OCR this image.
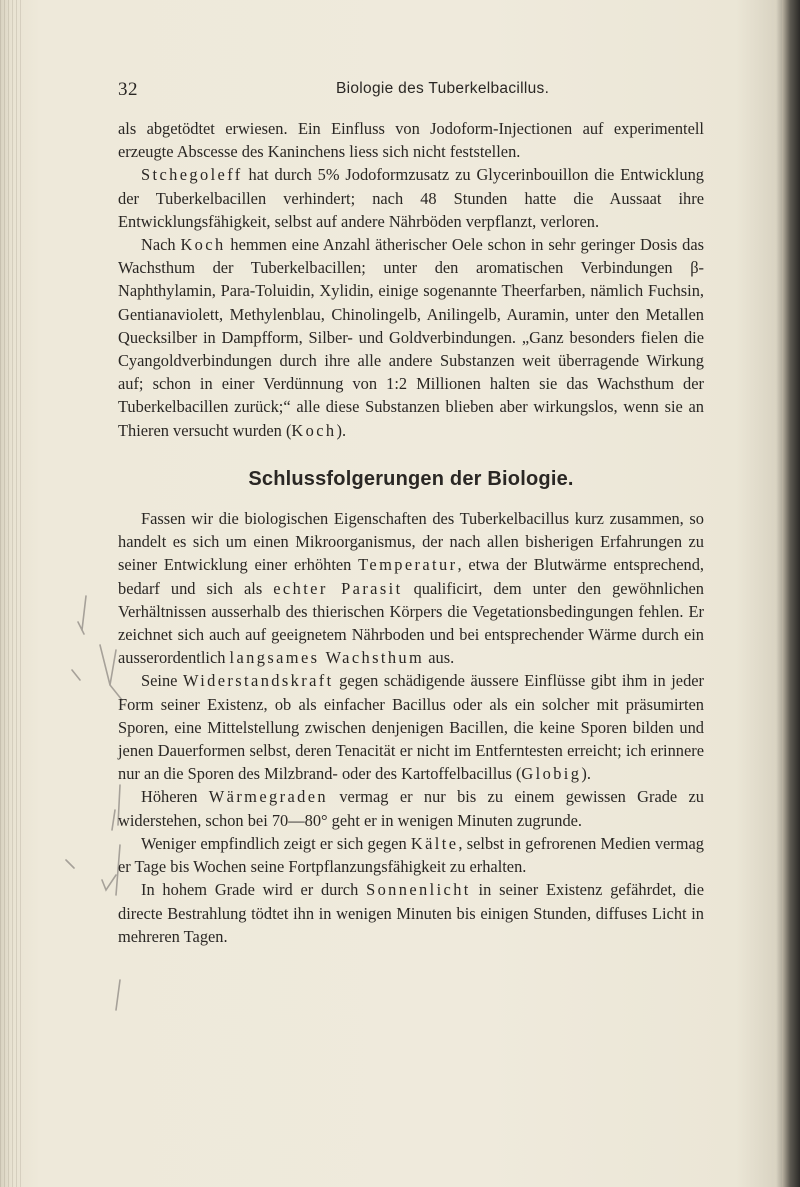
32	Biologie des Tuberkelbacillus.

als abgetödtet erwiesen. Ein Einfluss von Jodoform-Injectionen auf experimentell erzeugte Abscesse des Kaninchens liess sich nicht feststellen.

Stchegoleff hat durch 5% Jodoformzusatz zu Glycerinbouillon die Entwicklung der Tuberkelbacillen verhindert; nach 48 Stunden hatte die Aussaat ihre Entwicklungsfähigkeit, selbst auf andere Nährböden verpflanzt, verloren.

Nach Koch hemmen eine Anzahl ätherischer Oele schon in sehr geringer Dosis das Wachsthum der Tuberkelbacillen; unter den aromatischen Verbindungen β-Naphthylamin, Para-Toluidin, Xylidin, einige sogenannte Theerfarben, nämlich Fuchsin, Gentianaviolett, Methylenblau, Chinolingelb, Anilingelb, Auramin, unter den Metallen Quecksilber in Dampfform, Silber- und Goldverbindungen. „Ganz besonders fielen die Cyangoldverbindungen durch ihre alle andere Substanzen weit überragende Wirkung auf; schon in einer Verdünnung von 1:2 Millionen halten sie das Wachsthum der Tuberkelbacillen zurück;“ alle diese Substanzen blieben aber wirkungslos, wenn sie an Thieren versucht wurden (Koch).

Schlussfolgerungen der Biologie.

Fassen wir die biologischen Eigenschaften des Tuberkelbacillus kurz zusammen, so handelt es sich um einen Mikroorganismus, der nach allen bisherigen Erfahrungen zu seiner Entwicklung einer erhöhten Temperatur, etwa der Blutwärme entsprechend, bedarf und sich als echter Parasit qualificirt, dem unter den gewöhnlichen Verhältnissen ausserhalb des thierischen Körpers die Vegetationsbedingungen fehlen. Er zeichnet sich auch auf geeignetem Nährboden und bei entsprechender Wärme durch ein ausserordentlich langsames Wachsthum aus.

Seine Widerstandskraft gegen schädigende äussere Einflüsse gibt ihm in jeder Form seiner Existenz, ob als einfacher Bacillus oder als ein solcher mit präsumirten Sporen, eine Mittelstellung zwischen denjenigen Bacillen, die keine Sporen bilden und jenen Dauerformen selbst, deren Tenacität er nicht im Entferntesten erreicht; ich erinnere nur an die Sporen des Milzbrand- oder des Kartoffelbacillus (Globig).

Höheren Wärmegraden vermag er nur bis zu einem gewissen Grade zu widerstehen, schon bei 70—80° geht er in wenigen Minuten zugrunde.

Weniger empfindlich zeigt er sich gegen Kälte, selbst in gefrorenen Medien vermag er Tage bis Wochen seine Fortpflanzungsfähigkeit zu erhalten.

In hohem Grade wird er durch Sonnenlicht in seiner Existenz gefährdet, die directe Bestrahlung tödtet ihn in wenigen Minuten bis einigen Stunden, diffuses Licht in mehreren Tagen.
